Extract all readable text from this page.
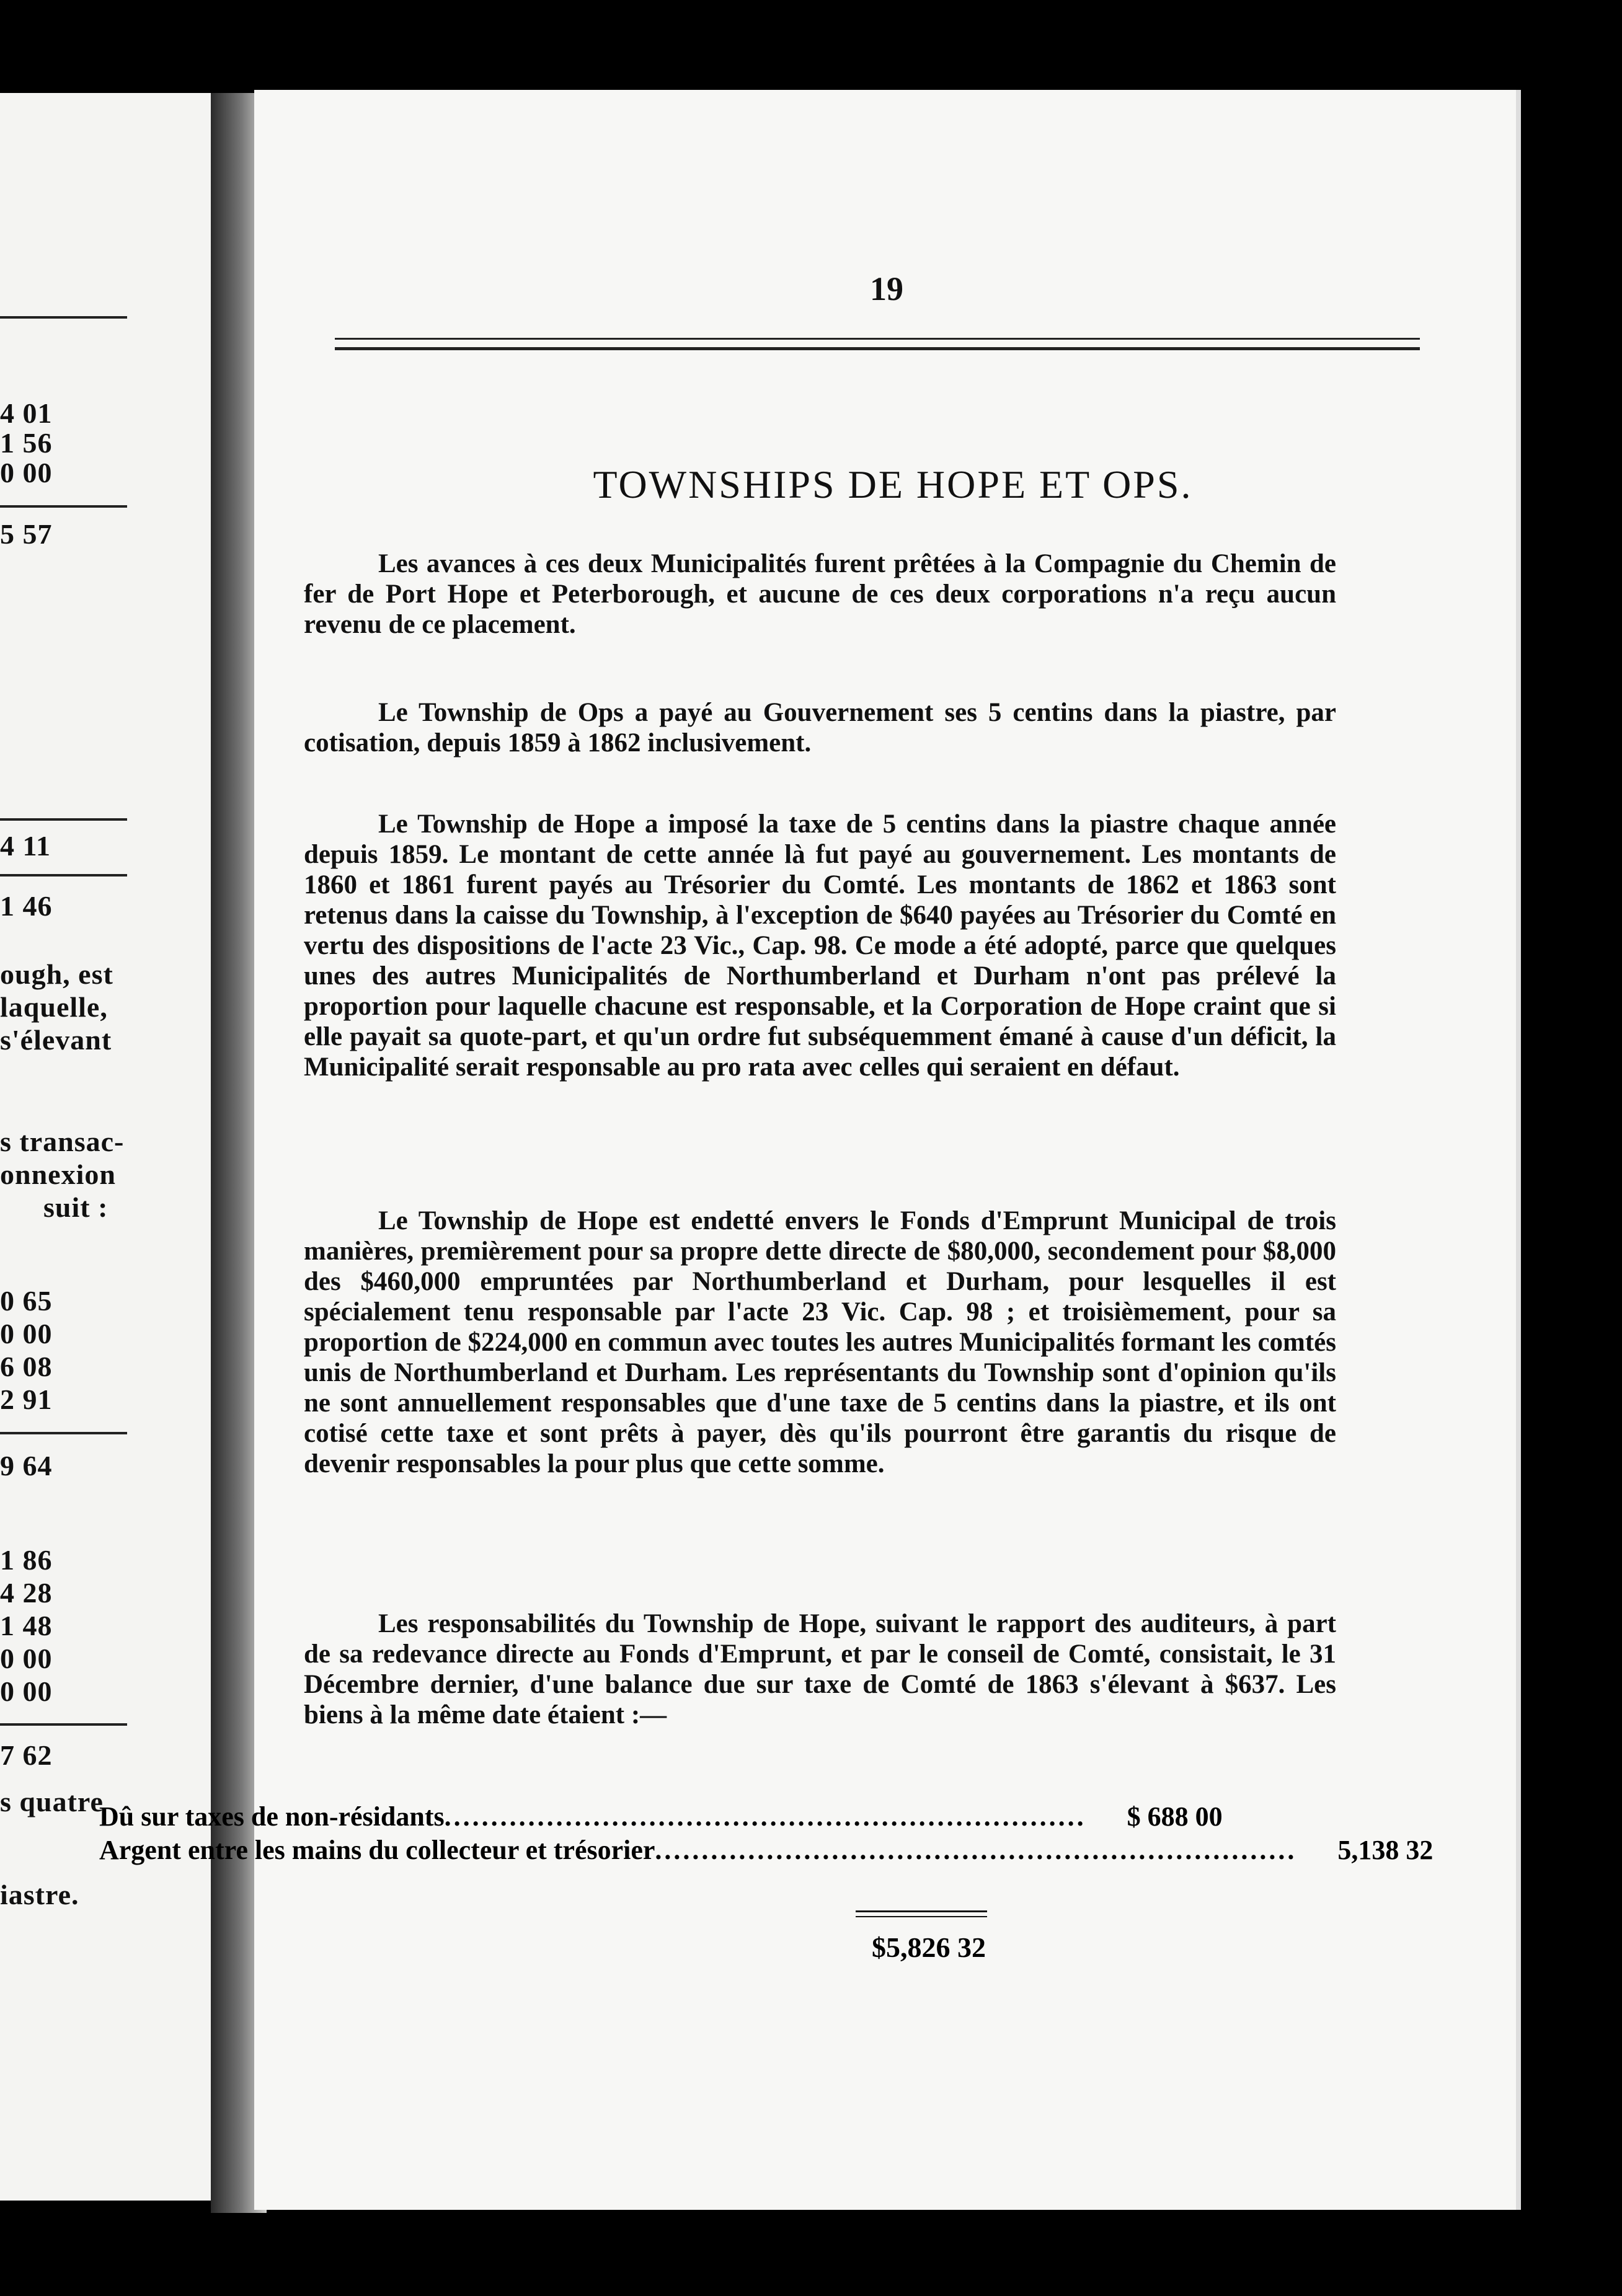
4 01
1 56
0 00
5 57
4 11
1 46
ough, est
laquelle,
s'élevant
s transac-
onnexion
suit :
0 65
0 00
6 08
2 91
9 64
1 86
4 28
1 48
0 00
0 00
7 62
s quatre
iastre.
19
TOWNSHIPS DE HOPE ET OPS.

Les avances à ces deux Municipalités furent prêtées à la Compagnie du Chemin de fer de Port Hope et Peterborough, et aucune de ces deux corporations n'a reçu aucun revenu de ce placement.

Le Township de Ops a payé au Gouvernement ses 5 centins dans la piastre, par cotisation, depuis 1859 à 1862 inclusivement.

Le Township de Hope a imposé la taxe de 5 centins dans la piastre chaque année depuis 1859. Le montant de cette année là fut payé au gouvernement. Les montants de 1860 et 1861 furent payés au Trésorier du Comté. Les montants de 1862 et 1863 sont retenus dans la caisse du Township, à l'exception de $640 payées au Trésorier du Comté en vertu des dispositions de l'acte 23 Vic., Cap. 98. Ce mode a été adopté, parce que quelques unes des autres Municipalités de Northumberland et Durham n'ont pas prélevé la proportion pour laquelle chacune est responsable, et la Corporation de Hope craint que si elle payait sa quote-part, et qu'un ordre fut subséquemment émané à cause d'un déficit, la Municipalité serait responsable au pro rata avec celles qui seraient en défaut.

Le Township de Hope est endetté envers le Fonds d'Emprunt Municipal de trois manières, premièrement pour sa propre dette directe de $80,000, secondement pour $8,000 des $460,000 empruntées par Northumberland et Durham, pour lesquelles il est spécialement tenu responsable par l'acte 23 Vic. Cap. 98 ; et troisièmement, pour sa proportion de $224,000 en commun avec toutes les autres Municipalités formant les comtés unis de Northumberland et Durham. Les représentants du Township sont d'opinion qu'ils ne sont annuellement responsables que d'une taxe de 5 centins dans la piastre, et ils ont cotisé cette taxe et sont prêts à payer, dès qu'ils pourront être garantis du risque de devenir responsables la pour plus que cette somme.

Les responsabilités du Township de Hope, suivant le rapport des auditeurs, à part de sa redevance directe au Fonds d'Emprunt, et par le conseil de Comté, consistait, le 31 Décembre dernier, d'une balance due sur taxe de Comté de 1863 s'élevant à $637. Les biens à la même date étaient :—

Dû sur taxes de non-résidants .....................................................................	$ 688 00
Argent entre les mains du collecteur et trésorier .....................................................................	5,138 32
$5,826 32
